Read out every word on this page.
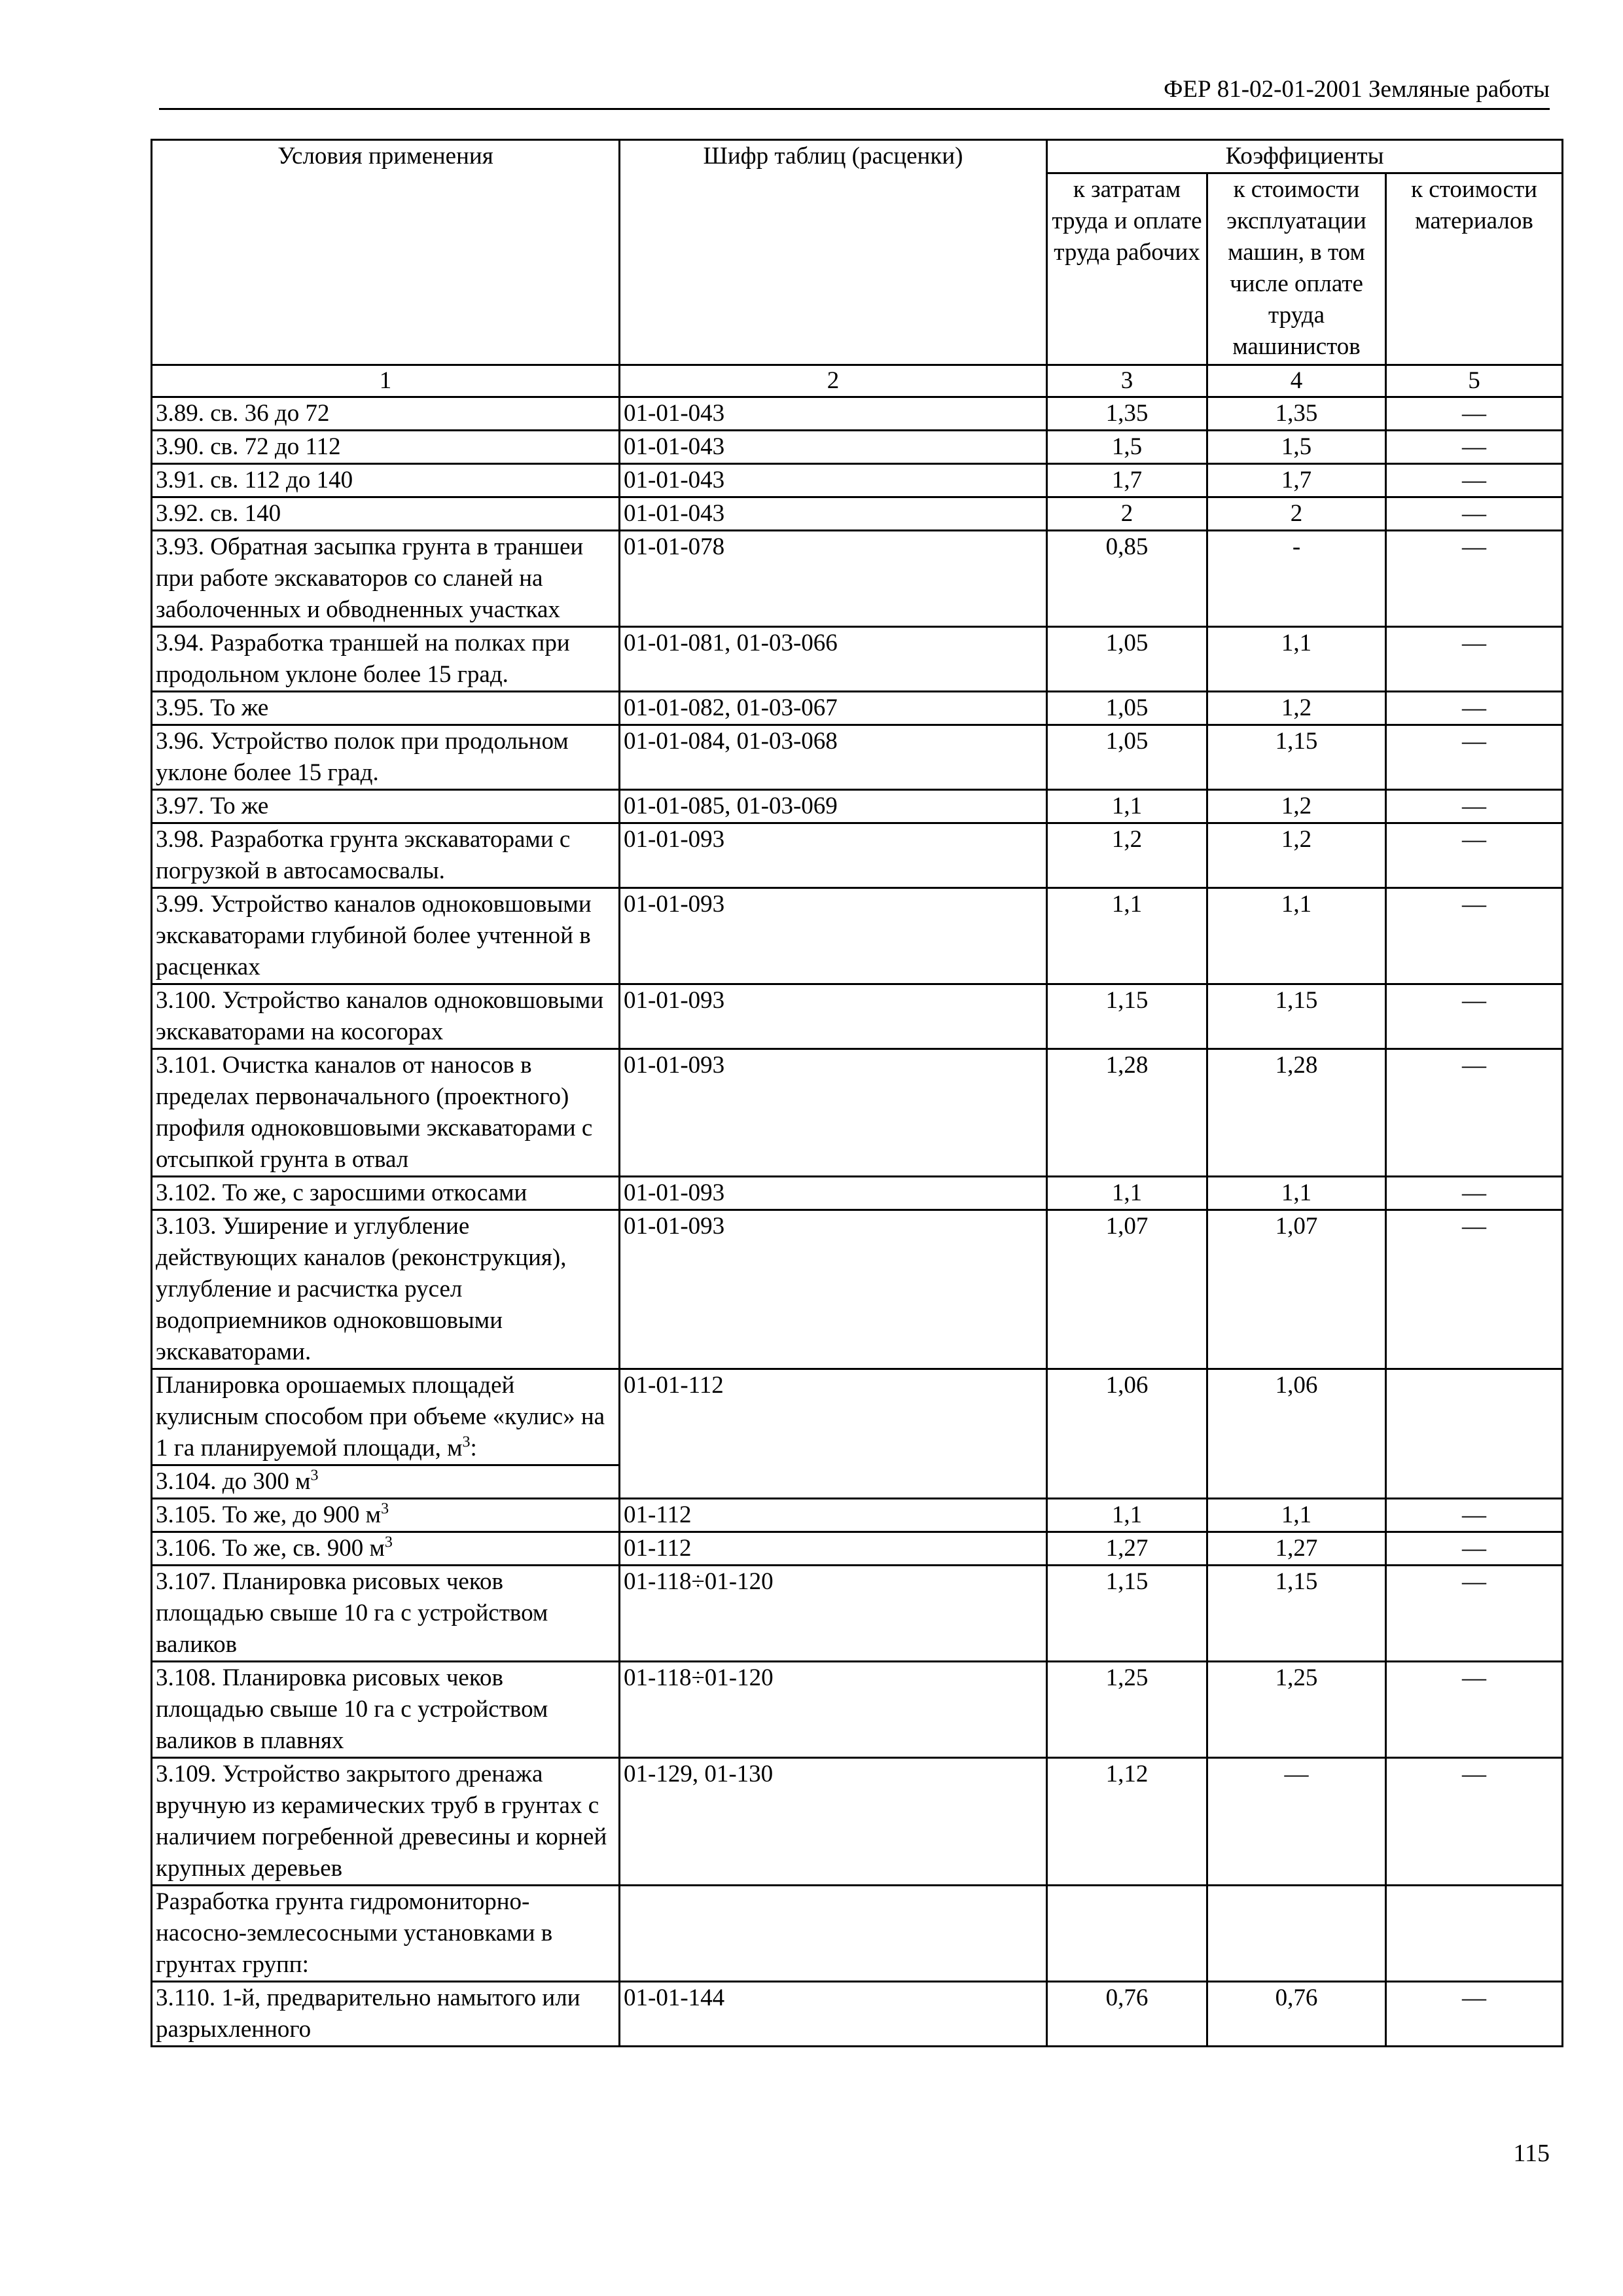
ФЕР 81-02-01-2001 Земляные работы
Условия применения	Шифр таблиц (расценки)	Коэффициенты		
		к затратам труда и оплате труда рабочих	к стоимости эксплуатации машин, в том числе оплате труда машинистов	к стоимости материалов
1	2	3	4	5
3.89. св. 36 до 72	01-01-043	1,35	1,35	—
3.90. св. 72 до 112	01-01-043	1,5	1,5	—
3.91. св. 112 до 140	01-01-043	1,7	1,7	—
3.92. св. 140	01-01-043	2	2	—
3.93. Обратная засыпка грунта в траншеи при работе экскаваторов со сланей на заболоченных и обводненных участках	01-01-078	0,85	-	—
3.94. Разработка траншей на полках при продольном уклоне более 15 град.	01-01-081, 01-03-066	1,05	1,1	—
3.95. То же	01-01-082, 01-03-067	1,05	1,2	—
3.96. Устройство полок при продольном уклоне более 15 град.	01-01-084, 01-03-068	1,05	1,15	—
3.97. То же	01-01-085, 01-03-069	1,1	1,2	—
3.98. Разработка грунта экскаваторами с погрузкой в автосамосвалы.	01-01-093	1,2	1,2	—
3.99. Устройство каналов одноковшовыми экскаваторами глубиной более учтенной в расценках	01-01-093	1,1	1,1	—
3.100. Устройство каналов одноковшовыми экскаваторами на косогорах	01-01-093	1,15	1,15	—
3.101. Очистка каналов от наносов в пределах первоначального (проектного) профиля одноковшовыми экскаваторами с отсыпкой грунта в отвал	01-01-093	1,28	1,28	—
3.102. То же, с заросшими откосами	01-01-093	1,1	1,1	—
3.103. Уширение и углубление действующих каналов (реконструкция), углубление и расчистка русел водоприемников одноковшовыми экскаваторами.	01-01-093	1,07	1,07	—
Планировка орошаемых площадей кулисным способом при объеме «кулис» на 1 га планируемой площади, $м^3$:	01-01-112	1,06	1,06	
3.104. до 300 $м^3$
3.105. То же, до 900 $м^3$	01-112	1,1	1,1	—
3.106. То же, св. 900 $м^3$	01-112	1,27	1,27	—
3.107. Планировка рисовых чеков площадью свыше 10 га с устройством валиков	01-118÷01-120	1,15	1,15	—
3.108. Планировка рисовых чеков площадью свыше 10 га с устройством валиков в плавнях	01-118÷01-120	1,25	1,25	—
3.109. Устройство закрытого дренажа вручную из керамических труб в грунтах с наличием погребенной древесины и корней крупных деревьев	01-129, 01-130	1,12	—	—
Разработка грунта гидромониторно-насосно-землесосными установками в грунтах групп:				
3.110. 1-й, предварительно намытого или разрыхленного	01-01-144	0,76	0,76	—
115
